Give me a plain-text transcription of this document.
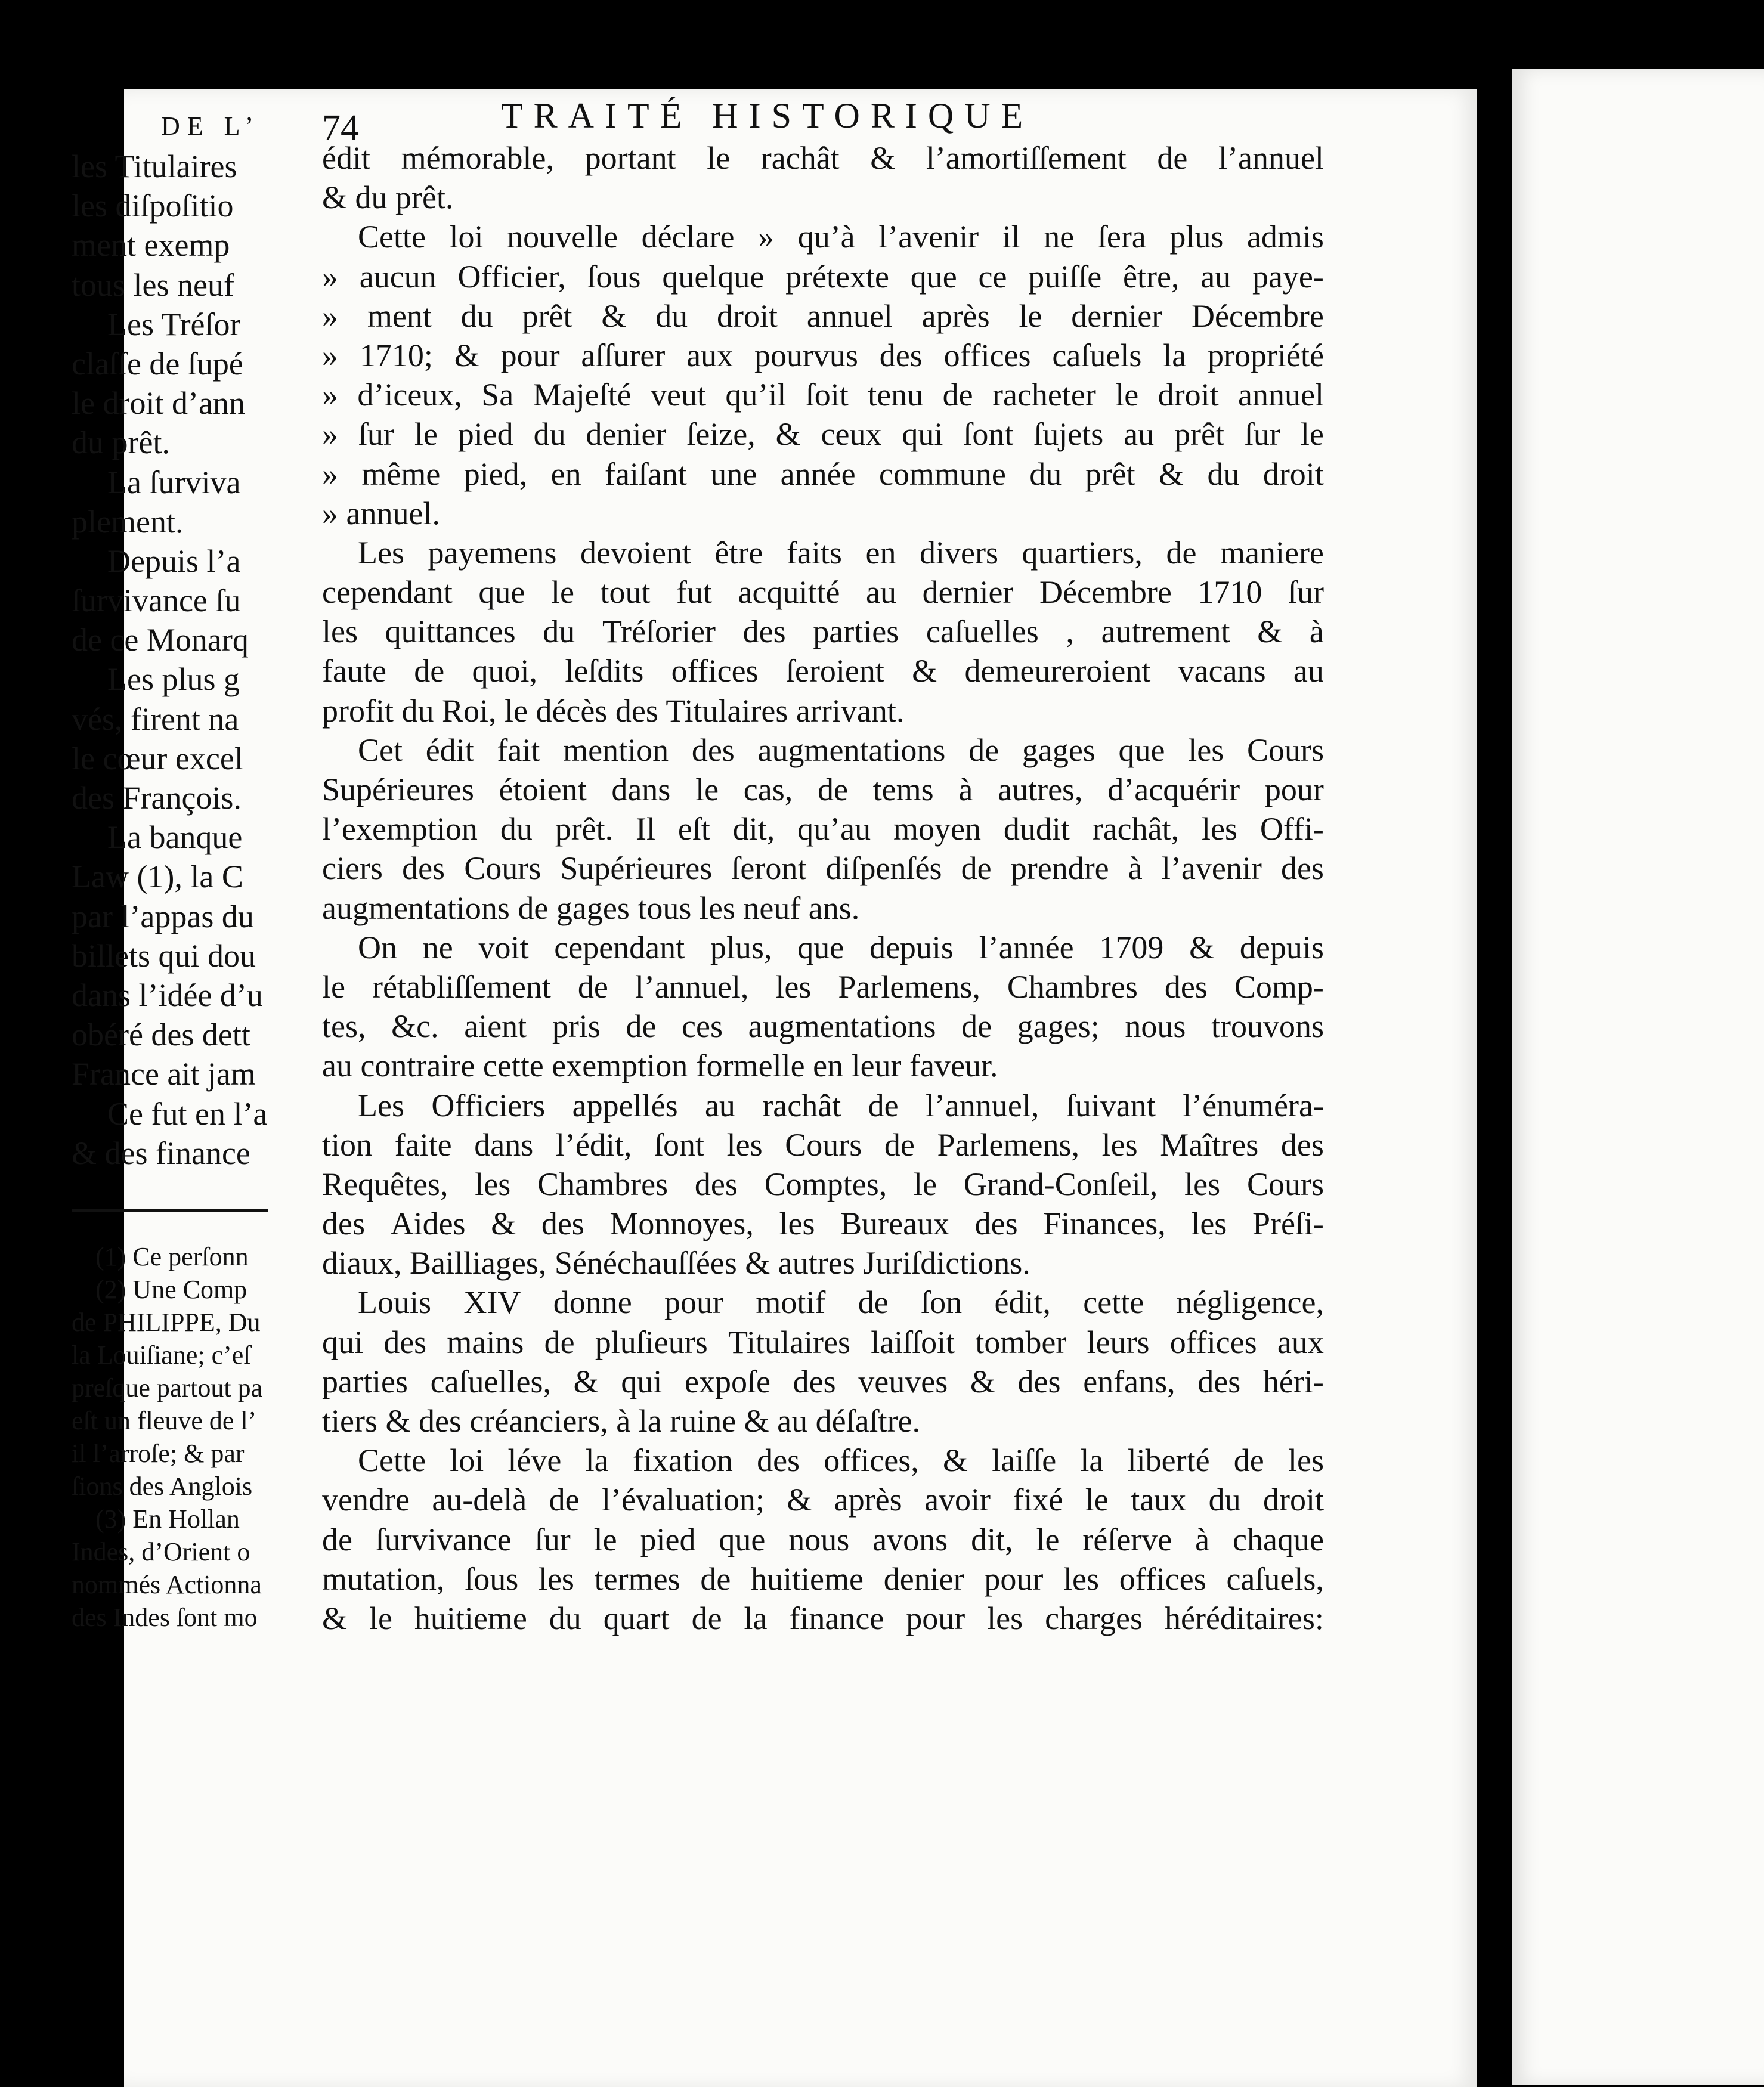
74	TRAITÉ HISTORIQUE
édit mémorable, portant le rachât & l’amortiſſement de l’annuel
& du prêt.
Cette loi nouvelle déclare » qu’à l’avenir il ne ſera plus admis
» aucun Officier, ſous quelque prétexte que ce puiſſe être, au paye-
» ment du prêt & du droit annuel après le dernier Décembre
» 1710; & pour aſſurer aux pourvus des offices caſuels la propriété
» d’iceux, Sa Majeſté veut qu’il ſoit tenu de racheter le droit annuel
» ſur le pied du denier ſeize, & ceux qui ſont ſujets au prêt ſur le
» même pied, en faiſant une année commune du prêt & du droit
» annuel.
Les payemens devoient être faits en divers quartiers, de maniere
cependant que le tout fut acquitté au dernier Décembre 1710 ſur
les quittances du Tréſorier des parties caſuelles , autrement & à
faute de quoi, leſdits offices ſeroient & demeureroient vacans au
profit du Roi, le décès des Titulaires arrivant.
Cet édit fait mention des augmentations de gages que les Cours
Supérieures étoient dans le cas, de tems à autres, d’acquérir pour
l’exemption du prêt. Il eſt dit, qu’au moyen dudit rachât, les Offi-
ciers des Cours Supérieures ſeront diſpenſés de prendre à l’avenir des
augmentations de gages tous les neuf ans.
On ne voit cependant plus, que depuis l’année 1709 & depuis
le rétabliſſement de l’annuel, les Parlemens, Chambres des Comp-
tes, &c. aient pris de ces augmentations de gages; nous trouvons
au contraire cette exemption formelle en leur faveur.
Les Officiers appellés au rachât de l’annuel, ſuivant l’énuméra-
tion faite dans l’édit, ſont les Cours de Parlemens, les Maîtres des
Requêtes, les Chambres des Comptes, le Grand-Conſeil, les Cours
des Aides & des Monnoyes, les Bureaux des Finances, les Préſi-
diaux, Bailliages, Sénéchauſſées & autres Juriſdictions.
Louis XIV donne pour motif de ſon édit, cette négligence,
qui des mains de pluſieurs Titulaires laiſſoit tomber leurs offices aux
parties caſuelles, & qui expoſe des veuves & des enfans, des héri-
tiers & des créanciers, à la ruine & au déſaſtre.
Cette loi léve la fixation des offices, & laiſſe la liberté de les
vendre au-delà de l’évaluation; & après avoir fixé le taux du droit
de ſurvivance ſur le pied que nous avons dit, le réſerve à chaque
mutation, ſous les termes de huitieme denier pour les offices caſuels,
& le huitieme du quart de la finance pour les charges héréditaires:
DE L’
les Titulaires
les diſpoſitio
ment exemp
tous les neuf
Les Tréſor
claſſe de ſupé
le droit d’ann
du prêt.
La ſurviva
plement.
Depuis l’a
ſurvivance ſu
de ce Monarq
Les plus g
vés, firent na
le cœur excel
des François.
La banque
Law (1), la C
par l’appas du
billets qui dou
dans l’idée d’u
obéré des dett
France ait jam
Ce fut en l’a
& des finance
(1) Ce perſonn
(2) Une Comp
de PHILIPPE, Du
la Louiſiane; c’eſ
preſque partout pa
eſt un fleuve de l’
il l’arroſe; & par
ſions des Anglois
(3) En Hollan
Indes, d’Orient o
nommés Actionna
des Indes ſont mo
